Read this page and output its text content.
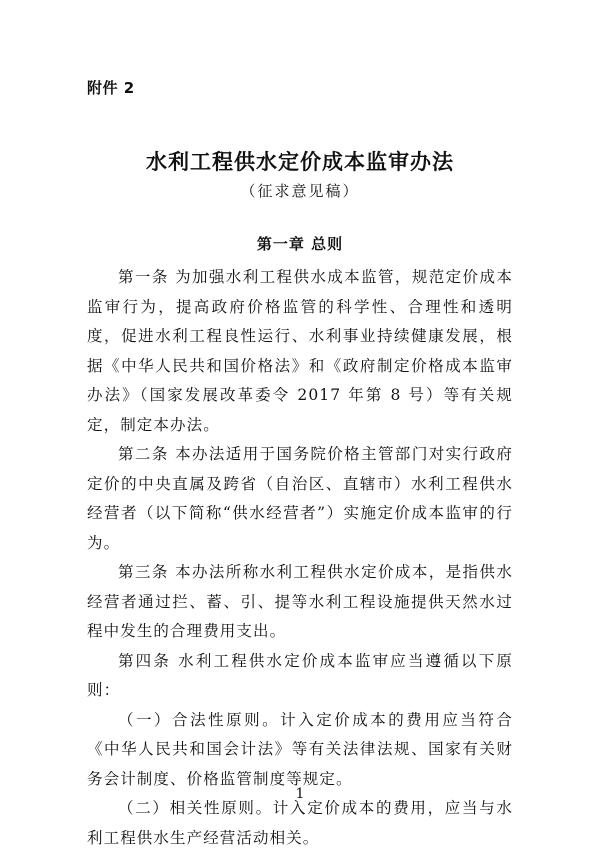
附件 2
水利工程供水定价成本监审办法
（征求意见稿）
第一章 总则

第一条 为加强水利工程供水成本监管，规范定价成本监审行为，提高政府价格监管的科学性、合理性和透明度，促进水利工程良性运行、水利事业持续健康发展，根据《中华人民共和国价格法》和《政府制定价格成本监审办法》（国家发展改革委令 2017 年第 8 号）等有关规定，制定本办法。

第二条 本办法适用于国务院价格主管部门对实行政府定价的中央直属及跨省（自治区、直辖市）水利工程供水经营者（以下简称“供水经营者”）实施定价成本监审的行为。

第三条 本办法所称水利工程供水定价成本，是指供水经营者通过拦、蓄、引、提等水利工程设施提供天然水过程中发生的合理费用支出。

第四条 水利工程供水定价成本监审应当遵循以下原则：

（一）合法性原则。计入定价成本的费用应当符合《中华人民共和国会计法》等有关法律法规、国家有关财务会计制度、价格监管制度等规定。

（二）相关性原则。计入定价成本的费用，应当与水利工程供水生产经营活动相关。

1
